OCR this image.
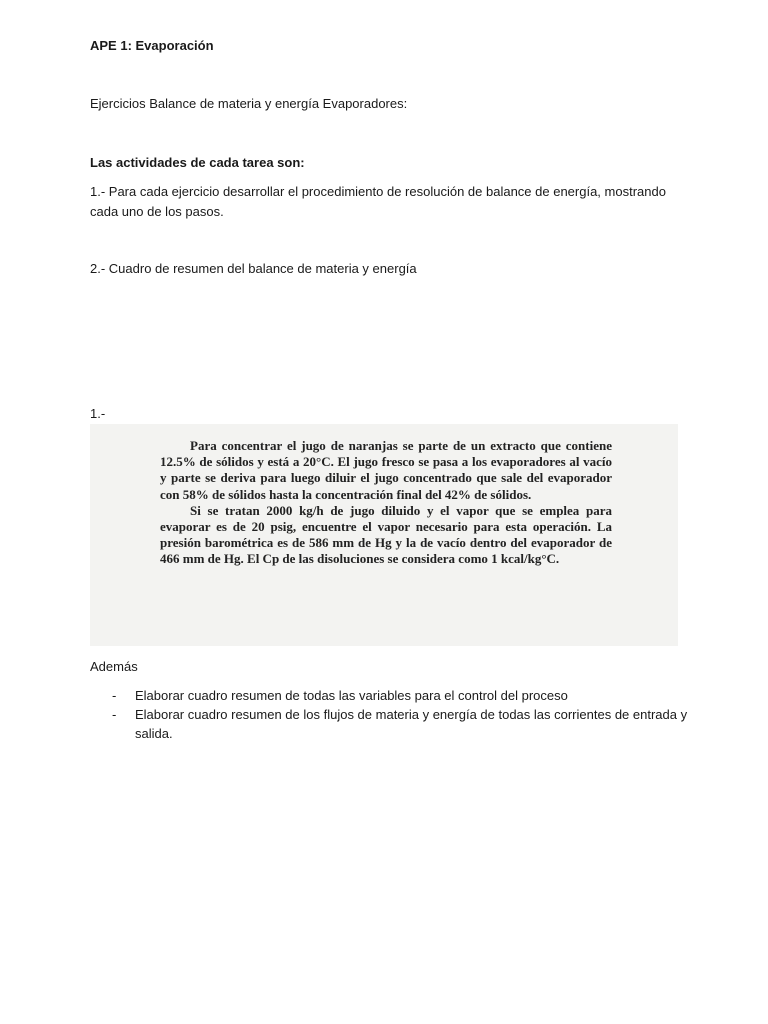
APE 1: Evaporación
Ejercicios Balance de materia y energía Evaporadores:
Las actividades de cada tarea son:
1.- Para cada ejercicio desarrollar el procedimiento de resolución de balance de energía, mostrando cada uno de los pasos.
2.- Cuadro de resumen del balance de materia y energía
1.-

Para concentrar el jugo de naranjas se parte de un extracto que contiene 12.5% de sólidos y está a 20°C. El jugo fresco se pasa a los evaporadores al vacío y parte se deriva para luego diluir el jugo concentrado que sale del evaporador con 58% de sólidos hasta la concentración final del 42% de sólidos.

Si se tratan 2000 kg/h de jugo diluido y el vapor que se emplea para evaporar es de 20 psig, encuentre el vapor necesario para esta operación. La presión barométrica es de 586 mm de Hg y la de vacío dentro del evaporador de 466 mm de Hg. El Cp de las disoluciones se considera como 1 kcal/kg°C.

Además
- Elaborar cuadro resumen de todas las variables para el control del proceso
- Elaborar cuadro resumen de los flujos de materia y energía de todas las corrientes de entrada y salida.
